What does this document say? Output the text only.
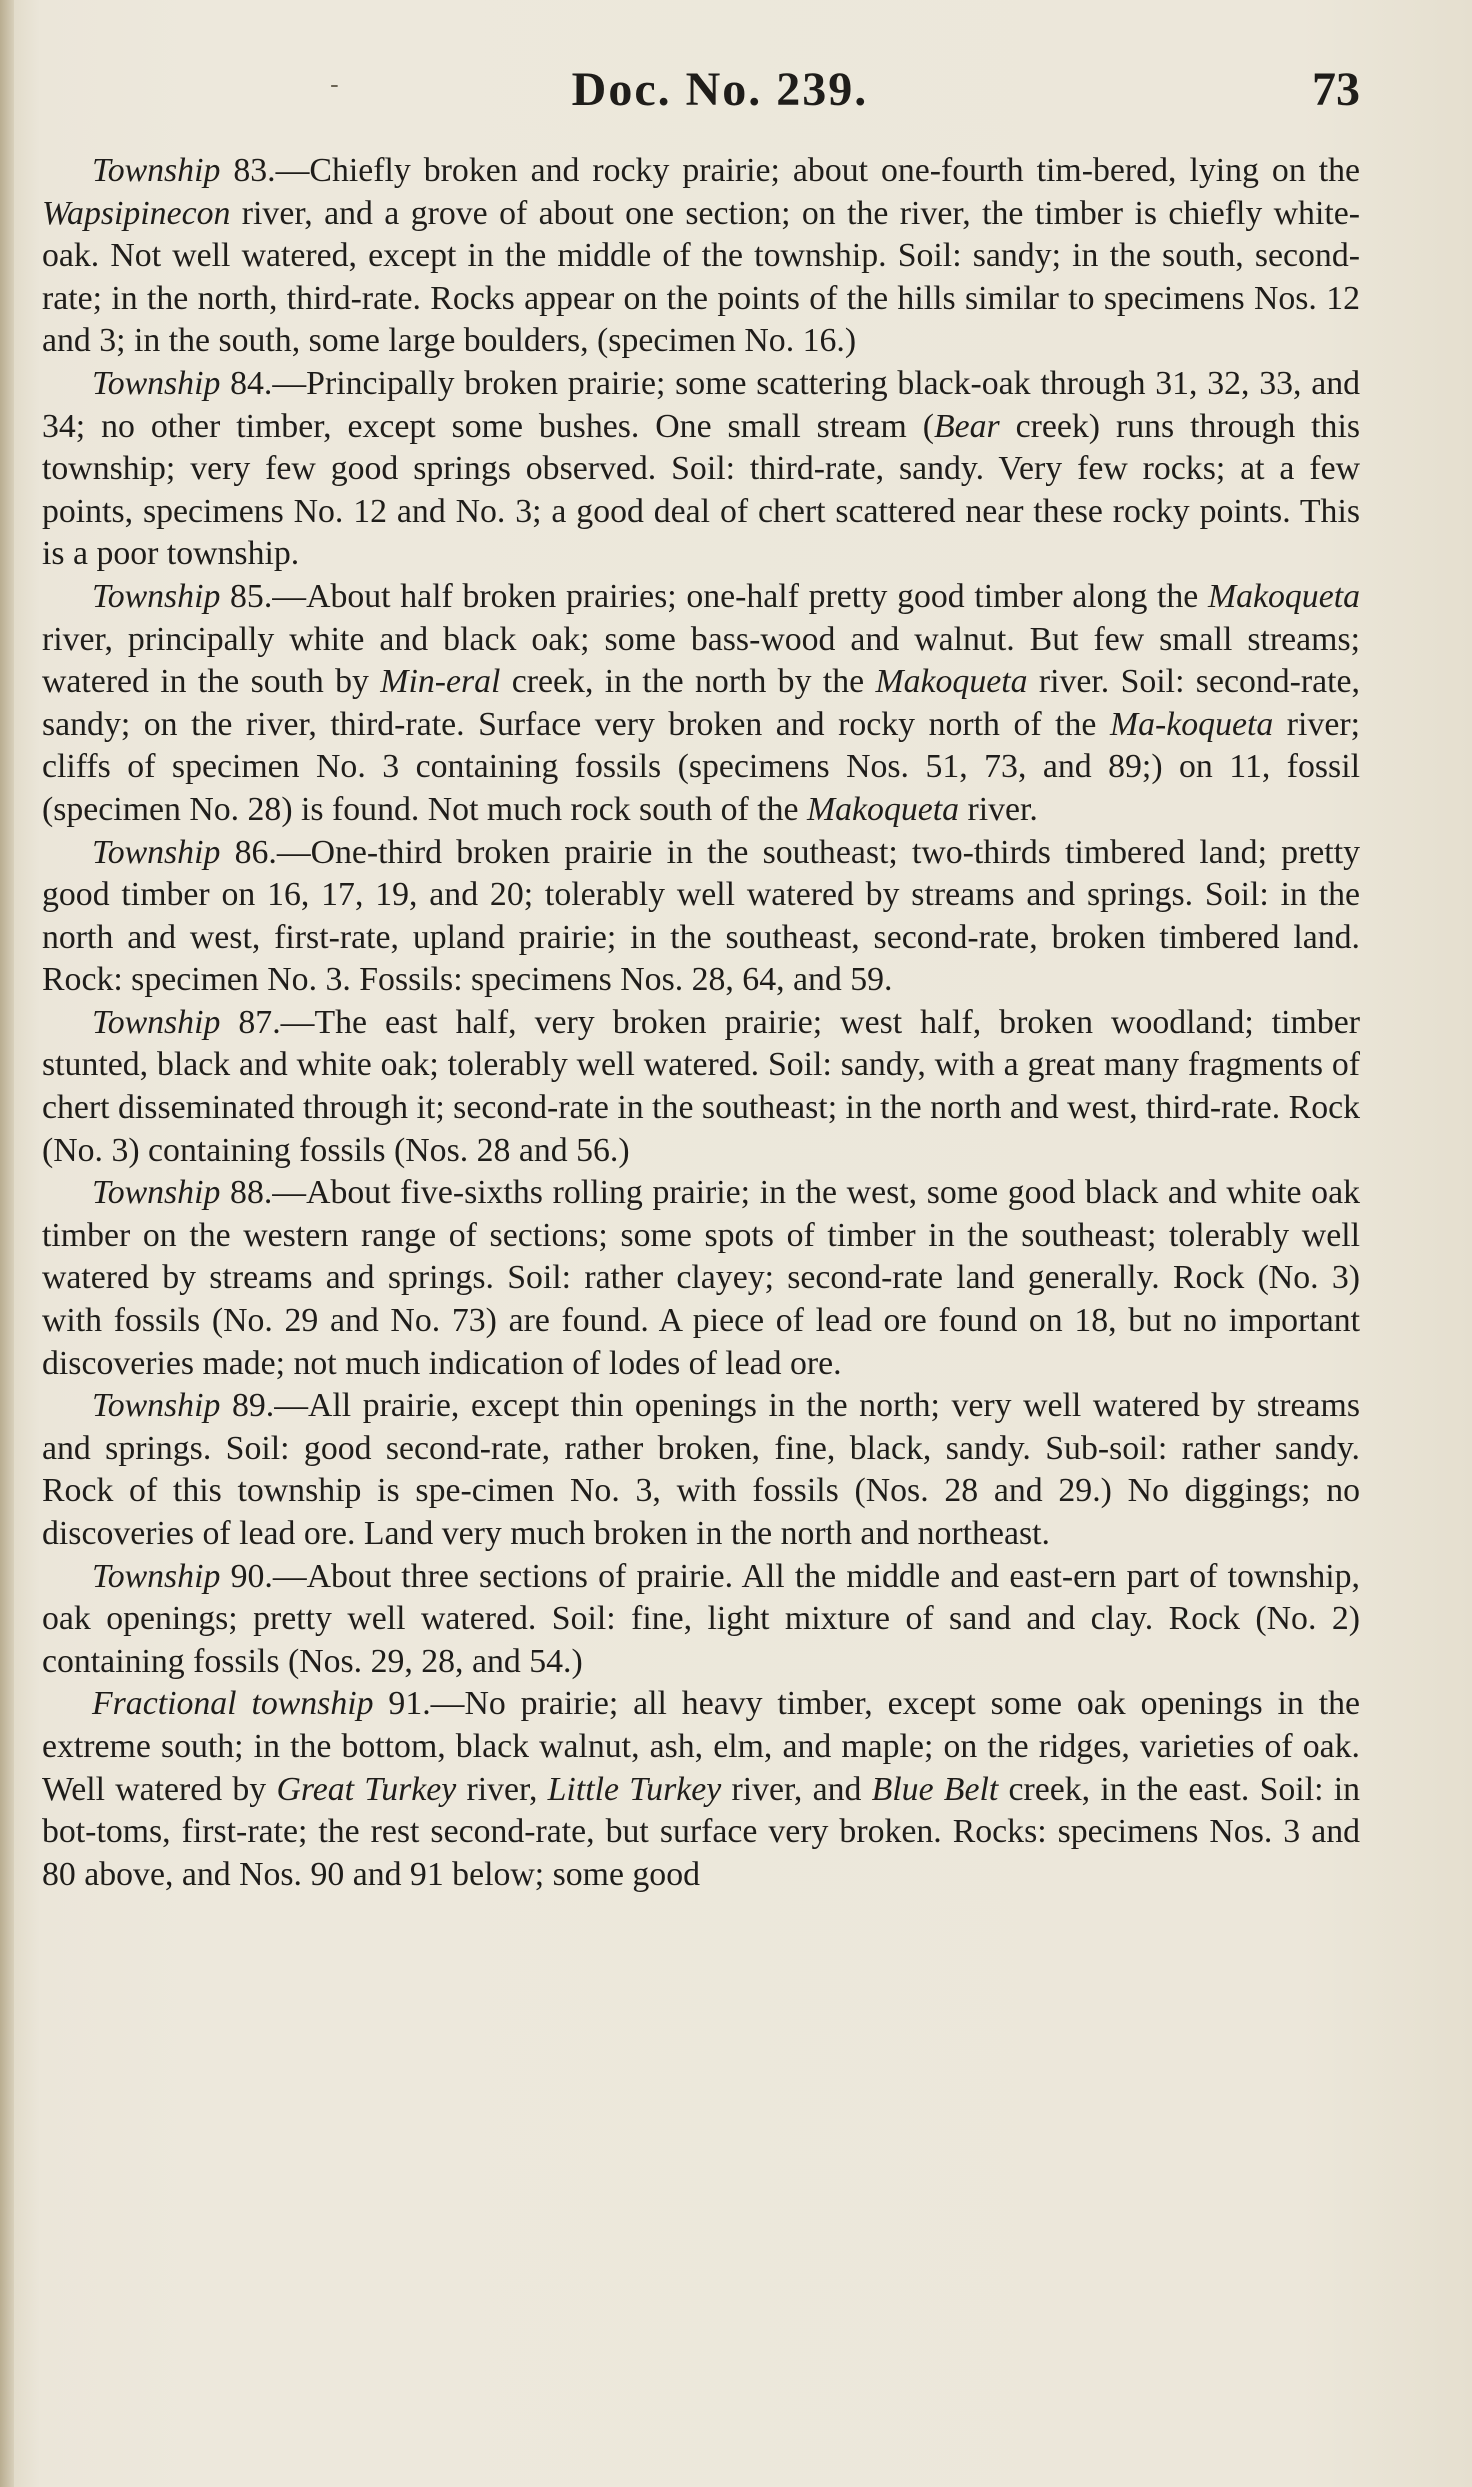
-	Doc. No. 239.	73

Township 83.—Chiefly broken and rocky prairie; about one-fourth tim-bered, lying on the Wapsipinecon river, and a grove of about one section; on the river, the timber is chiefly white-oak. Not well watered, except in the middle of the township. Soil: sandy; in the south, second-rate; in the north, third-rate. Rocks appear on the points of the hills similar to specimens Nos. 12 and 3; in the south, some large boulders, (specimen No. 16.)

Township 84.—Principally broken prairie; some scattering black-oak through 31, 32, 33, and 34; no other timber, except some bushes. One small stream (Bear creek) runs through this township; very few good springs observed. Soil: third-rate, sandy. Very few rocks; at a few points, specimens No. 12 and No. 3; a good deal of chert scattered near these rocky points. This is a poor township.

Township 85.—About half broken prairies; one-half pretty good timber along the Makoqueta river, principally white and black oak; some bass-wood and walnut. But few small streams; watered in the south by Min-eral creek, in the north by the Makoqueta river. Soil: second-rate, sandy; on the river, third-rate. Surface very broken and rocky north of the Ma-koqueta river; cliffs of specimen No. 3 containing fossils (specimens Nos. 51, 73, and 89;) on 11, fossil (specimen No. 28) is found. Not much rock south of the Makoqueta river.

Township 86.—One-third broken prairie in the southeast; two-thirds timbered land; pretty good timber on 16, 17, 19, and 20; tolerably well watered by streams and springs. Soil: in the north and west, first-rate, upland prairie; in the southeast, second-rate, broken timbered land. Rock: specimen No. 3. Fossils: specimens Nos. 28, 64, and 59.

Township 87.—The east half, very broken prairie; west half, broken woodland; timber stunted, black and white oak; tolerably well watered. Soil: sandy, with a great many fragments of chert disseminated through it; second-rate in the southeast; in the north and west, third-rate. Rock (No. 3) containing fossils (Nos. 28 and 56.)

Township 88.—About five-sixths rolling prairie; in the west, some good black and white oak timber on the western range of sections; some spots of timber in the southeast; tolerably well watered by streams and springs. Soil: rather clayey; second-rate land generally. Rock (No. 3) with fossils (No. 29 and No. 73) are found. A piece of lead ore found on 18, but no important discoveries made; not much indication of lodes of lead ore.

Township 89.—All prairie, except thin openings in the north; very well watered by streams and springs. Soil: good second-rate, rather broken, fine, black, sandy. Sub-soil: rather sandy. Rock of this township is spe-cimen No. 3, with fossils (Nos. 28 and 29.) No diggings; no discoveries of lead ore. Land very much broken in the north and northeast.

Township 90.—About three sections of prairie. All the middle and east-ern part of township, oak openings; pretty well watered. Soil: fine, light mixture of sand and clay. Rock (No. 2) containing fossils (Nos. 29, 28, and 54.)

Fractional township 91.—No prairie; all heavy timber, except some oak openings in the extreme south; in the bottom, black walnut, ash, elm, and maple; on the ridges, varieties of oak. Well watered by Great Turkey river, Little Turkey river, and Blue Belt creek, in the east. Soil: in bot-toms, first-rate; the rest second-rate, but surface very broken. Rocks: specimens Nos. 3 and 80 above, and Nos. 90 and 91 below; some good
